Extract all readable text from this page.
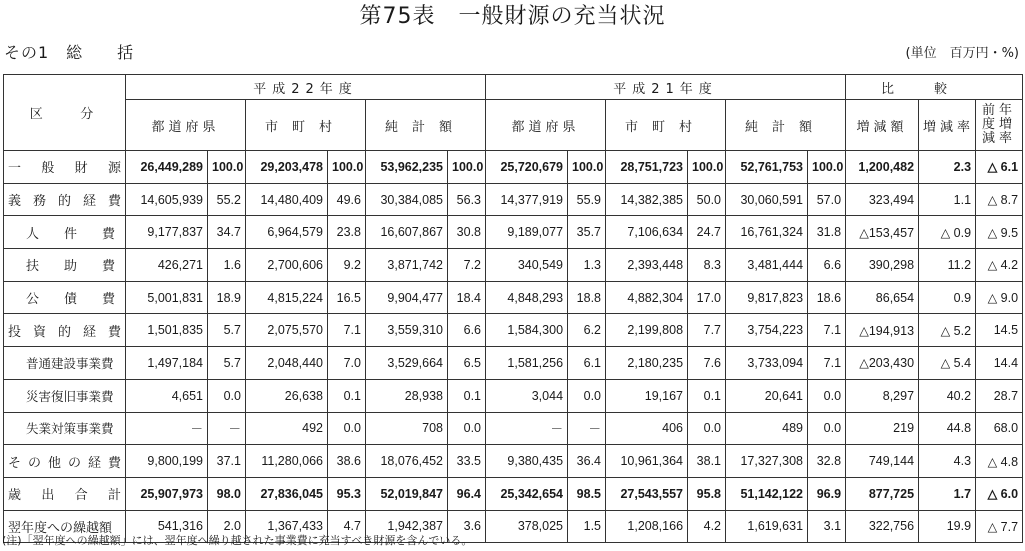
第75表　一般財源の充当状況
その1　総　　括	(単位　百万円・%)
区 分	平成22年度						平成21年度						比較		
	都道府県		市町村		純計額		都道府県		市町村		純計額		増減額	増減率	前年度増減率
一般財源	26,449,289	100.0	29,203,478	100.0	53,962,235	100.0	25,720,679	100.0	28,751,723	100.0	52,761,753	100.0	1,200,482	2.3	△ 6.1
義務的経費	14,605,939	55.2	14,480,409	49.6	30,384,085	56.3	14,377,919	55.9	14,382,385	50.0	30,060,591	57.0	323,494	1.1	△ 8.7
人件費	9,177,837	34.7	6,964,579	23.8	16,607,867	30.8	9,189,077	35.7	7,106,634	24.7	16,761,324	31.8	△153,457	△ 0.9	△ 9.5
扶助費	426,271	1.6	2,700,606	9.2	3,871,742	7.2	340,549	1.3	2,393,448	8.3	3,481,444	6.6	390,298	11.2	△ 4.2
公債費	5,001,831	18.9	4,815,224	16.5	9,904,477	18.4	4,848,293	18.8	4,882,304	17.0	9,817,823	18.6	86,654	0.9	△ 9.0
投資的経費	1,501,835	5.7	2,075,570	7.1	3,559,310	6.6	1,584,300	6.2	2,199,808	7.7	3,754,223	7.1	△194,913	△ 5.2	14.5
普通建設事業費	1,497,184	5.7	2,048,440	7.0	3,529,664	6.5	1,581,256	6.1	2,180,235	7.6	3,733,094	7.1	△203,430	△ 5.4	14.4
災害復旧事業費	4,651	0.0	26,638	0.1	28,938	0.1	3,044	0.0	19,167	0.1	20,641	0.0	8,297	40.2	28.7
失業対策事業費	－	－	492	0.0	708	0.0	－	－	406	0.0	489	0.0	219	44.8	68.0
その他の経費	9,800,199	37.1	11,280,066	38.6	18,076,452	33.5	9,380,435	36.4	10,961,364	38.1	17,327,308	32.8	749,144	4.3	△ 4.8
歳出合計	25,907,973	98.0	27,836,045	95.3	52,019,847	96.4	25,342,654	98.5	27,543,557	95.8	51,142,122	96.9	877,725	1.7	△ 6.0
翌年度への繰越額	541,316	2.0	1,367,433	4.7	1,942,387	3.6	378,025	1.5	1,208,166	4.2	1,619,631	3.1	322,756	19.9	△ 7.7
(注)「翌年度への繰越額」には、翌年度へ繰り越された事業費に充当すべき財源を含んでいる。
